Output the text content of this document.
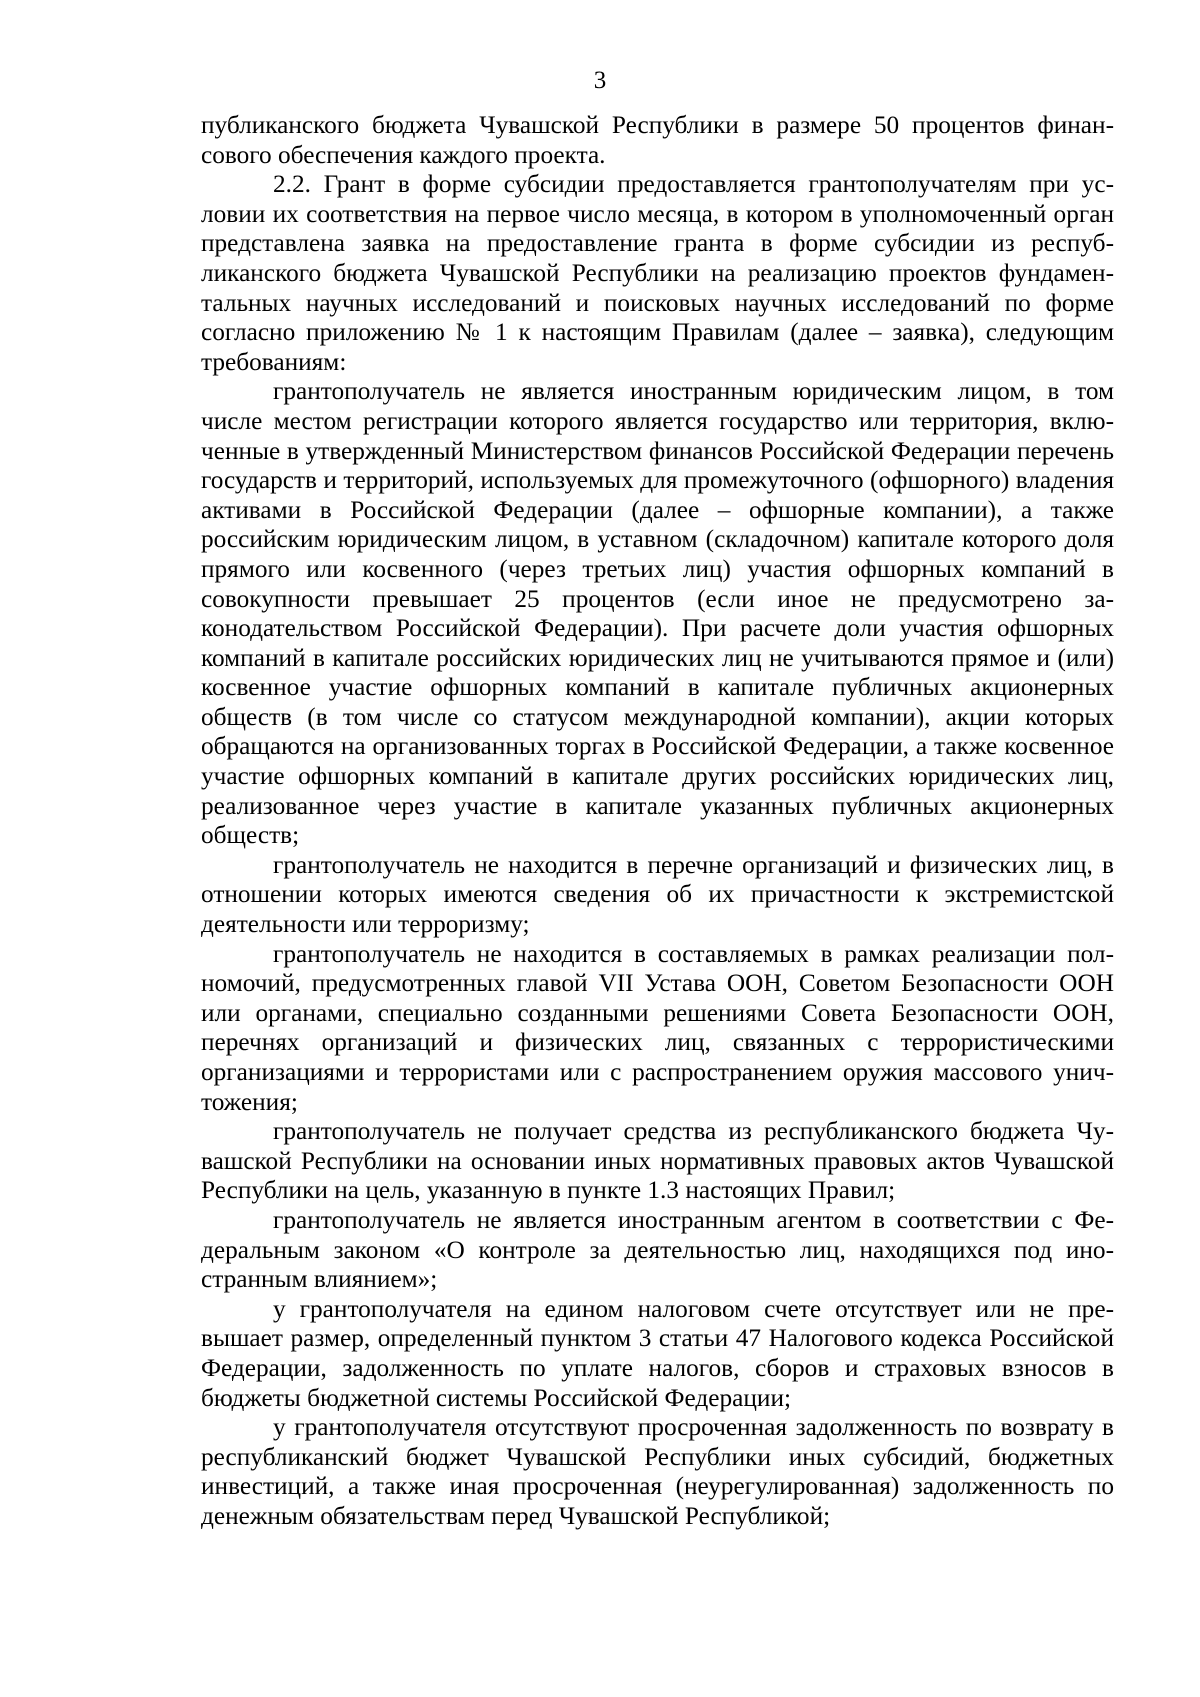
3

публиканского бюджета Чувашской Республики в размере 50 процентов финансового обеспечения каждого проекта.

2.2. Грант в форме субсидии предоставляется грантополучателям при условии их соответствия на первое число месяца, в котором в уполномоченный орган представлена заявка на предоставление гранта в форме субсидии из республиканского бюджета Чувашской Республики на реализацию проектов фундаментальных научных исследований и поисковых научных исследований по форме согласно приложению № 1 к настоящим Правилам (далее – заявка), следующим требованиям:

грантополучатель не является иностранным юридическим лицом, в том числе местом регистрации которого является государство или территория, включенные в утвержденный Министерством финансов Российской Федерации перечень государств и территорий, используемых для промежуточного (офшорного) владения активами в Российской Федерации (далее – офшорные компании), а также российским юридическим лицом, в уставном (складочном) капитале которого доля прямого или косвенного (через третьих лиц) участия офшорных компаний в совокупности превышает 25 процентов (если иное не предусмотрено законодательством Российской Федерации). При расчете доли участия офшорных компаний в капитале российских юридических лиц не учитываются прямое и (или) косвенное участие офшорных компаний в капитале публичных акционерных обществ (в том числе со статусом международной компании), акции которых обращаются на организованных торгах в Российской Федерации, а также косвенное участие офшорных компаний в капитале других российских юридических лиц, реализованное через участие в капитале указанных публичных акционерных обществ;

грантополучатель не находится в перечне организаций и физических лиц, в отношении которых имеются сведения об их причастности к экстремистской деятельности или терроризму;

грантополучатель не находится в составляемых в рамках реализации полномочий, предусмотренных главой VII Устава ООН, Советом Безопасности ООН или органами, специально созданными решениями Совета Безопасности ООН, перечнях организаций и физических лиц, связанных с террористическими организациями и террористами или с распространением оружия массового уничтожения;

грантополучатель не получает средства из республиканского бюджета Чувашской Республики на основании иных нормативных правовых актов Чувашской Республики на цель, указанную в пункте 1.3 настоящих Правил;

грантополучатель не является иностранным агентом в соответствии с Федеральным законом «О контроле за деятельностью лиц, находящихся под иностранным влиянием»;

у грантополучателя на едином налоговом счете отсутствует или не превышает размер, определенный пунктом 3 статьи 47 Налогового кодекса Российской Федерации, задолженность по уплате налогов, сборов и страховых взносов в бюджеты бюджетной системы Российской Федерации;

у грантополучателя отсутствуют просроченная задолженность по возврату в республиканский бюджет Чувашской Республики иных субсидий, бюджетных инвестиций, а также иная просроченная (неурегулированная) задолженность по денежным обязательствам перед Чувашской Республикой;
